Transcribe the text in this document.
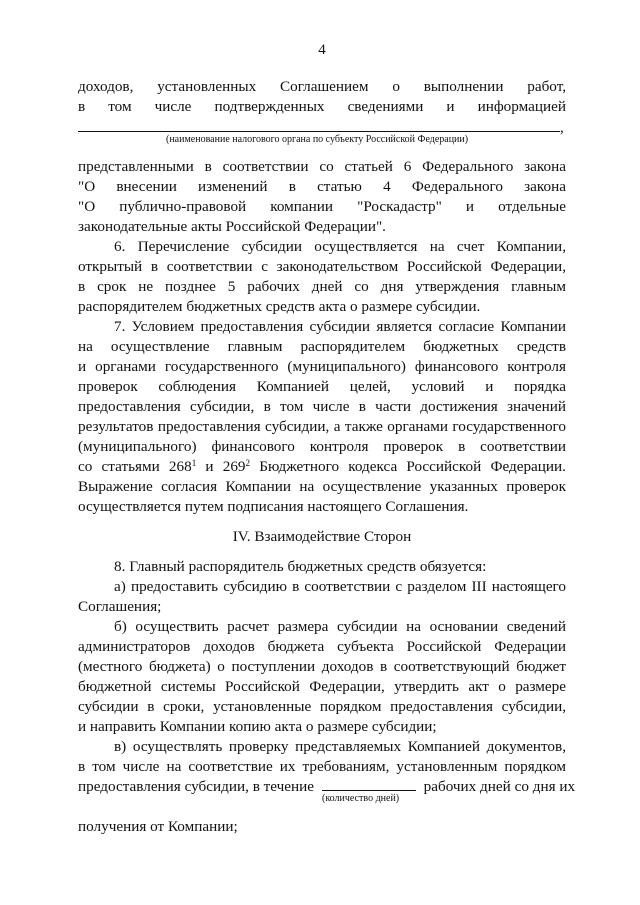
4
доходов, установленных Соглашением о выполнении работ,
в том числе подтвержденных сведениями и информацией
,
(наименование налогового органа по субъекту Российской Федерации)
представленными в соответствии со статьей 6 Федерального закона
"О внесении изменений в статью 4 Федерального закона
"О публично-правовой компании "Роскадастр" и отдельные
законодательные акты Российской Федерации".
6. Перечисление субсидии осуществляется на счет Компании,
открытый в соответствии с законодательством Российской Федерации,
в срок не позднее 5 рабочих дней со дня утверждения главным
распорядителем бюджетных средств акта о размере субсидии.
7. Условием предоставления субсидии является согласие Компании
на осуществление главным распорядителем бюджетных средств
и органами государственного (муниципального) финансового контроля
проверок соблюдения Компанией целей, условий и порядка
предоставления субсидии, в том числе в части достижения значений
результатов предоставления субсидии, а также органами государственного
(муниципального) финансового контроля проверок в соответствии
со статьями $268^1$ и $269^2$ Бюджетного кодекса Российской Федерации.
Выражение согласия Компании на осуществление указанных проверок
осуществляется путем подписания настоящего Соглашения.
IV. Взаимодействие Сторон
8. Главный распорядитель бюджетных средств обязуется:
а) предоставить субсидию в соответствии с разделом III настоящего
Соглашения;
б) осуществить расчет размера субсидии на основании сведений
администраторов доходов бюджета субъекта Российской Федерации
(местного бюджета) о поступлении доходов в соответствующий бюджет
бюджетной системы Российской Федерации, утвердить акт о размере
субсидии в сроки, установленные порядком предоставления субсидии,
и направить Компании копию акта о размере субсидии;
в) осуществлять проверку представляемых Компанией документов,
в том числе на соответствие их требованиям, установленным порядком
предоставления субсидии, в течение	рабочих дней со дня их
(количество дней)
получения от Компании;
